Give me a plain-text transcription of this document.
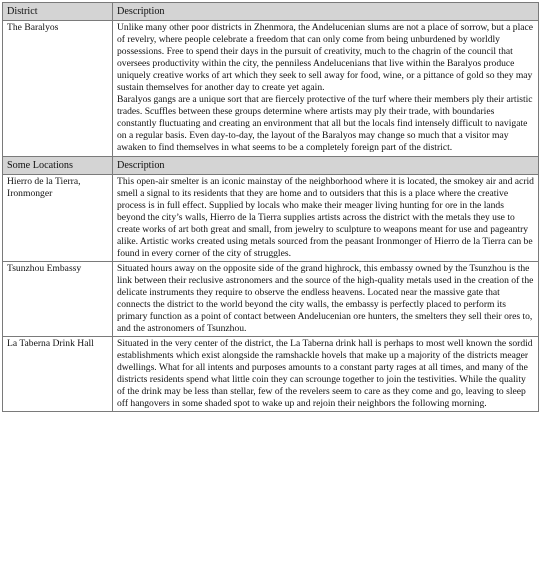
District	Description
The Baralyos	Unlike many other poor districts in Zhenmora, the Andelucenian slums are not a place of sorrow, but a place of revelry, where people celebrate a freedom that can only come from being unburdened by worldly possessions. Free to spend their days in the pursuit of creativity, much to the chagrin of the council that oversees productivity within the city, the penniless Andelucenians that live within the Baralyos produce uniquely creative works of art which they seek to sell away for food, wine, or a pittance of gold so they may sustain themselves for another day to create yet again.

Baralyos gangs are a unique sort that are fiercely protective of the turf where their members ply their artistic trades. Scuffles between these groups determine where artists may ply their trade, with boundaries constantly fluctuating and creating an environment that all but the locals find intensely difficult to navigate on a regular basis. Even day-to-day, the layout of the Baralyos may change so much that a visitor may awaken to find themselves in what seems to be a completely foreign part of the district.

Some Locations	Description
Hierro de la Tierra, Ironmonger	This open-air smelter is an iconic mainstay of the neighborhood where it is located, the smokey air and acrid smell a signal to its residents that they are home and to outsiders that this is a place where the creative process is in full effect. Supplied by locals who make their meager living hunting for ore in the lands beyond the city’s walls, Hierro de la Tierra supplies artists across the district with the metals they use to create works of art both great and small, from jewelry to sculpture to weapons meant for use and pageantry alike. Artistic works created using metals sourced from the peasant Ironmonger of Hierro de la Tierra can be found in every corner of the city of struggles.
Tsunzhou Embassy	Situated hours away on the opposite side of the grand highrock, this embassy owned by the Tsunzhou is the link between their reclusive astronomers and the source of the high-quality metals used in the creation of the delicate instruments they require to observe the endless heavens. Located near the massive gate that connects the district to the world beyond the city walls, the embassy is perfectly placed to perform its primary function as a point of contact between Andelucenian ore hunters, the smelters they sell their ores to, and the astronomers of Tsunzhou.
La Taberna Drink Hall	Situated in the very center of the district, the La Taberna drink hall is perhaps to most well known the sordid establishments which exist alongside the ramshackle hovels that make up a majority of the districts meager dwellings. What for all intents and purposes amounts to a constant party rages at all times, and many of the districts residents spend what little coin they can scrounge together to join the testivities. While the quality of the drink may be less than stellar, few of the revelers seem to care as they come and go, leaving to sleep off hangovers in some shaded spot to wake up and rejoin their neighbors the following morning.
